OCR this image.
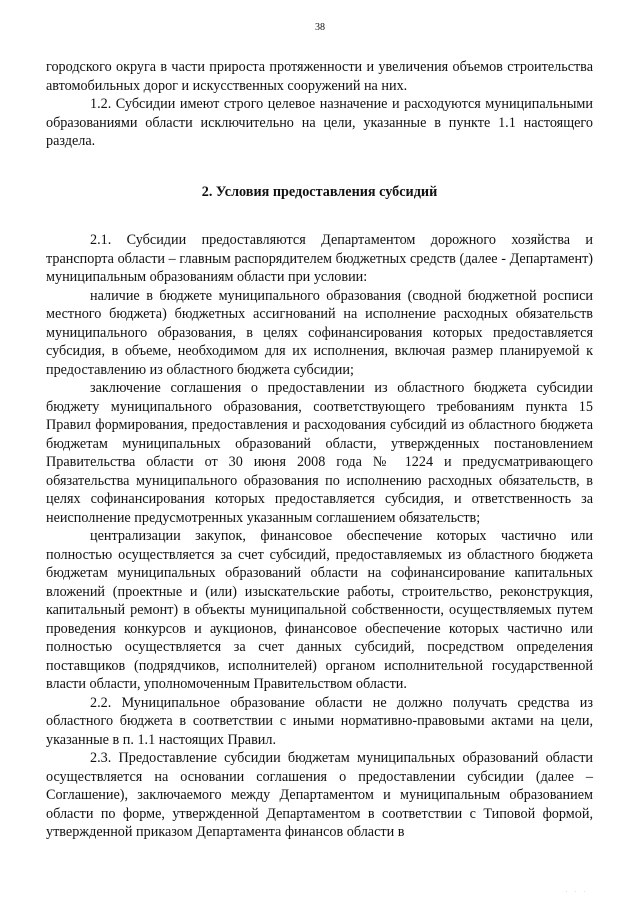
38

городского округа в части прироста протяженности и увеличения объемов строительства автомобильных дорог и искусственных сооружений на них.

1.2. Субсидии имеют строго целевое назначение и расходуются муниципальными образованиями области исключительно на цели, указанные в пункте 1.1 настоящего раздела.

2. Условия предоставления субсидий

2.1. Субсидии предоставляются Департаментом дорожного хозяйства и транспорта области – главным распорядителем бюджетных средств (далее - Департамент) муниципальным образованиям области при условии:

наличие в бюджете муниципального образования (сводной бюджетной росписи местного бюджета) бюджетных ассигнований на исполнение расходных обязательств муниципального образования, в целях софинансирования которых предоставляется субсидия, в объеме, необходимом для их исполнения, включая размер планируемой к предоставлению из областного бюджета субсидии;

заключение соглашения о предоставлении из областного бюджета субсидии бюджету муниципального образования, соответствующего требованиям пункта 15 Правил формирования, предоставления и расходования субсидий из областного бюджета бюджетам муниципальных образований области, утвержденных постановлением Правительства области от 30 июня 2008 года № 1224 и предусматривающего обязательства муниципального образования по исполнению расходных обязательств, в целях софинансирования которых предоставляется субсидия, и ответственность за неисполнение предусмотренных указанным соглашением обязательств;

централизации закупок, финансовое обеспечение которых частично или полностью осуществляется за счет субсидий, предоставляемых из областного бюджета бюджетам муниципальных образований области на софинансирование капитальных вложений (проектные и (или) изыскательские работы, строительство, реконструкция, капитальный ремонт) в объекты муниципальной собственности, осуществляемых путем проведения конкурсов и аукционов, финансовое обеспечение которых частично или полностью осуществляется за счет данных субсидий, посредством определения поставщиков (подрядчиков, исполнителей) органом исполнительной государственной власти области, уполномоченным Правительством области.

2.2. Муниципальное образование области не должно получать средства из областного бюджета в соответствии с иными нормативно-правовыми актами на цели, указанные в п. 1.1 настоящих Правил.

2.3. Предоставление субсидии бюджетам муниципальных образований области осуществляется на основании соглашения о предоставлении субсидии (далее – Соглашение), заключаемого между Департаментом и муниципальным образованием области по форме, утвержденной Департаментом в соответствии с Типовой формой, утвержденной приказом Департамента финансов области в

· · ·
